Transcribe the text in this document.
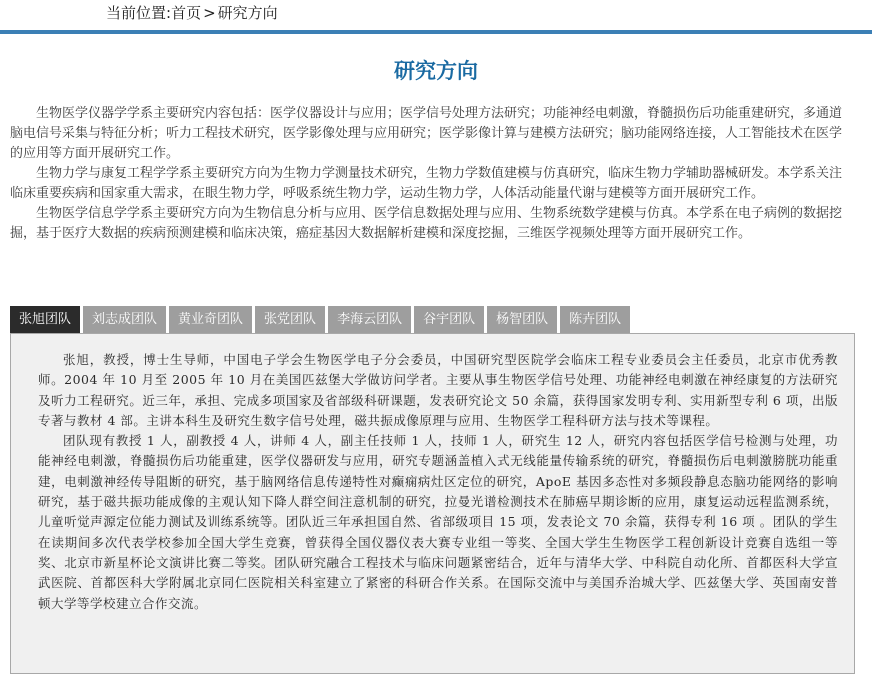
当前位置:首页 > 研究方向
研究方向

生物医学仪器学学系主要研究内容包括：医学仪器设计与应用；医学信号处理方法研究；功能神经电刺激，脊髓损伤后功能重建研究，多通道脑电信号采集与特征分析；听力工程技术研究，医学影像处理与应用研究；医学影像计算与建模方法研究；脑功能网络连接，人工智能技术在医学的应用等方面开展研究工作。

生物力学与康复工程学学系主要研究方向为生物力学测量技术研究，生物力学数值建模与仿真研究，临床生物力学辅助器械研发。本学系关注临床重要疾病和国家重大需求，在眼生物力学，呼吸系统生物力学，运动生物力学，人体活动能量代谢与建模等方面开展研究工作。

生物医学信息学学系主要研究方向为生物信息分析与应用、医学信息数据处理与应用、生物系统数学建模与仿真。本学系在电子病例的数据挖掘，基于医疗大数据的疾病预测建模和临床决策，癌症基因大数据解析建模和深度挖掘，三维医学视频处理等方面开展研究工作。

张旭团队	刘志成团队	黄业奇团队	张党团队	李海云团队	谷宇团队	杨智团队	陈卉团队

张旭，教授，博士生导师，中国电子学会生物医学电子分会委员，中国研究型医院学会临床工程专业委员会主任委员，北京市优秀教师。2004 年 10 月至 2005 年 10 月在美国匹兹堡大学做访问学者。主要从事生物医学信号处理、功能神经电刺激在神经康复的方法研究及听力工程研究。近三年，承担、完成多项国家及省部级科研课题，发表研究论文 50 余篇，获得国家发明专利、实用新型专利 6 项，出版专著与教材 4 部。主讲本科生及研究生数字信号处理，磁共振成像原理与应用、生物医学工程科研方法与技术等课程。

团队现有教授 1 人，副教授 4 人，讲师 4 人，副主任技师 1 人，技师 1 人，研究生 12 人，研究内容包括医学信号检测与处理，功能神经电刺激，脊髓损伤后功能重建，医学仪器研发与应用，研究专题涵盖植入式无线能量传输系统的研究，脊髓损伤后电刺激膀胱功能重建，电刺激神经传导阻断的研究，基于脑网络信息传递特性对癫痫病灶区定位的研究，ApoE 基因多态性对多频段静息态脑功能网络的影响研究，基于磁共振功能成像的主观认知下降人群空间注意机制的研究，拉曼光谱检测技术在肺癌早期诊断的应用，康复运动远程监测系统，儿童听觉声源定位能力测试及训练系统等。团队近三年承担国自然、省部级项目 15 项，发表论文 70 余篇，获得专利 16 项 。团队的学生在读期间多次代表学校参加全国大学生竞赛，曾获得全国仪器仪表大赛专业组一等奖、全国大学生生物医学工程创新设计竞赛自选组一等奖、北京市新星杯论文演讲比赛二等奖。团队研究融合工程技术与临床问题紧密结合，近年与清华大学、中科院自动化所、首都医科大学宣武医院、首都医科大学附属北京同仁医院相关科室建立了紧密的科研合作关系。在国际交流中与美国乔治城大学、匹兹堡大学、英国南安普顿大学等学校建立合作交流。
